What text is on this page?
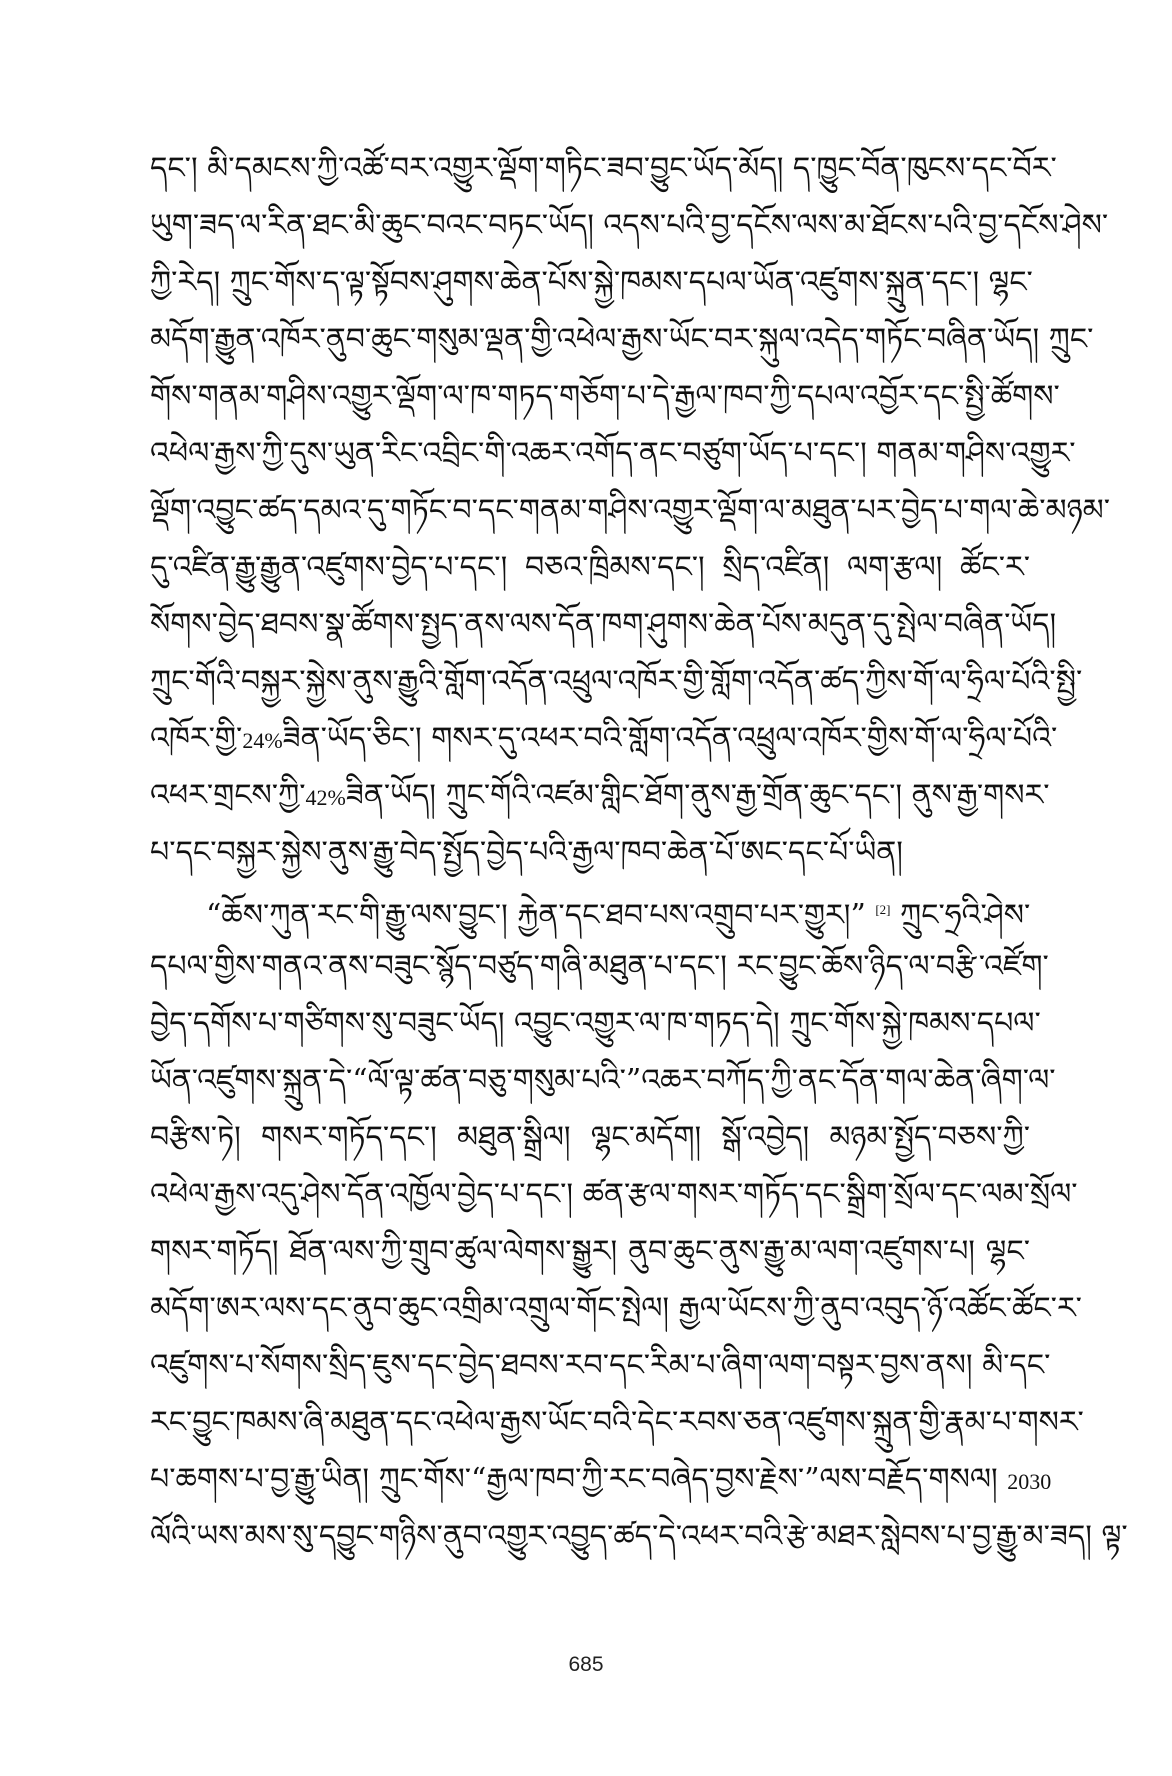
དང་། མི་དམངས་ཀྱི་འཚོ་བར་འགྱུར་ལྡོག་གཏིང་ཟབ་བྱུང་ཡོད་མོད། ད་ཁྱུང་བོན་ཁུངས་དང་བོར་
ཡུག་ཟད་ལ་རིན་ཐང་མི་ཆུང་བའང་བཏང་ཡོད། འདས་པའི་བྱ་དངོས་ལས་མ་ཐོངས་པའི་བྱ་དངོས་ཤེས་
ཀྱི་རེད། ཀྲུང་གོས་ད་ལྟ་སྟོབས་ཤུགས་ཆེན་པོས་སྐྱེ་ཁམས་དཔལ་ཡོན་འཛུགས་སྐྲུན་དང་། ལྷང་
མདོག་རྒྱུན་འཁོར་ནུབ་ཆུང་གསུམ་ལྡན་གྱི་འཕེལ་རྒྱས་ཡོང་བར་སྐུལ་འདེད་གཏོང་བཞིན་ཡོད། ཀྲུང་
གོས་གནམ་གཤིས་འགྱུར་ལྡོག་ལ་ཁ་གཏད་གཅོག་པ་དེ་རྒྱལ་ཁབ་ཀྱི་དཔལ་འབྱོར་དང་སྤྱི་ཚོགས་
འཕེལ་རྒྱས་ཀྱི་དུས་ཡུན་རིང་འབྲིང་གི་འཆར་འགོད་ནང་བཙུག་ཡོད་པ་དང་། གནམ་གཤིས་འགྱུར་
ལྡོག་འབྱུང་ཚད་དམའ་དུ་གཏོང་བ་དང་གནམ་གཤིས་འགྱུར་ལྡོག་ལ་མཐུན་པར་བྱེད་པ་གལ་ཆེ་མཉམ་
དུ་འཛིན་རྒྱུ་རྒྱུན་འཛུགས་བྱེད་པ་དང་། བཅའ་ཁྲིམས་དང་། སྲིད་འཛིན། ལག་རྩལ། ཚོང་ར་
སོགས་བྱེད་ཐབས་སྣ་ཚོགས་སྤྱད་ནས་ལས་དོན་ཁག་ཤུགས་ཆེན་པོས་མདུན་དུ་སྤེལ་བཞིན་ཡོད།
ཀྲུང་གོའི་བསྐྱར་སྐྱེས་ནུས་རྒྱུའི་གློག་འདོན་འཕྲུལ་འཁོར་གྱི་གློག་འདོན་ཚད་ཀྱིས་གོ་ལ་ཧྲིལ་པོའི་སྤྱི་
འཁོར་གྱི་24%ཟིན་ཡོད་ཅིང་། གསར་དུ་འཕར་བའི་གློག་འདོན་འཕྲུལ་འཁོར་གྱིས་གོ་ལ་ཧྲིལ་པོའི་
འཕར་གྲངས་ཀྱི་42%ཟིན་ཡོད། ཀྲུང་གོའི་འཛམ་གླིང་ཐོག་ནུས་རྒྱ་གྲོན་ཆུང་དང་། ནུས་རྒྱ་གསར་
པ་དང་བསྐྱར་སྐྱེས་ནུས་རྒྱུ་བེད་སྤྱོད་བྱེད་པའི་རྒྱལ་ཁབ་ཆེན་པོ་ཨང་དང་པོ་ཡིན།
“ཆོས་ཀུན་རང་གི་རྒྱུ་ལས་བྱུང་། རྐྱེན་དང་ཐབ་པས་འགྲུབ་པར་གྱུར།” [2] ཀྲུང་ཧྲའི་ཤེས་
དཔལ་གྱིས་གནའ་ནས་བཟུང་སྙོད་བཙུད་གཞི་མཐུན་པ་དང་། རང་བྱུང་ཆོས་ཉིད་ལ་བརྩི་འཛོག་
བྱེད་དགོས་པ་གཙིགས་སུ་བཟུང་ཡོད། འབྱུང་འགྱུར་ལ་ཁ་གཏད་དེ། ཀྲུང་གོས་སྐྱེ་ཁམས་དཔལ་
ཡོན་འཛུགས་སྐྲུན་དེ་“ལོ་ལྟ་ཚན་བཅུ་གསུམ་པའི་”འཆར་བཀོད་ཀྱི་ནང་དོན་གལ་ཆེན་ཞིག་ལ་
བརྩིས་ཏེ། གསར་གཏོད་དང་། མཐུན་སྒྲིལ། ལྷང་མདོག། སྒོ་འབྱེད། མཉམ་སྤྱོད་བཅས་ཀྱི་
འཕེལ་རྒྱས་འདུ་ཤེས་དོན་འཁྱོལ་བྱེད་པ་དང་། ཚན་རྩལ་གསར་གཏོད་དང་སྒྲིག་སྲོལ་དང་ལམ་སྲོལ་
གསར་གཏོད། ཐོན་ལས་ཀྱི་གྲུབ་ཚུལ་ལེགས་སྒྱུར། ནུབ་ཆུང་ནུས་རྒྱུ་མ་ལག་འཛུགས་པ། ལྷང་
མདོག་ཨར་ལས་དང་ནུབ་ཆུང་འགྲིམ་འགྲུལ་གོང་སྤེལ། རྒྱལ་ཡོངས་ཀྱི་ནུབ་འབུད་ཉོ་འཚོང་ཚོང་ར་
འཛུགས་པ་སོགས་སྲིད་ཇུས་དང་བྱེད་ཐབས་རབ་དང་རིམ་པ་ཞིག་ལག་བསྟར་བྱས་ནས། མི་དང་
རང་བྱུང་ཁམས་ཞི་མཐུན་དང་འཕེལ་རྒྱས་ཡོང་བའི་དེང་རབས་ཅན་འཛུགས་སྐྲུན་གྱི་རྣམ་པ་གསར་
པ་ཆགས་པ་བྱ་རྒྱུ་ཡིན། ཀྲུང་གོས་“རྒྱལ་ཁབ་ཀྱི་རང་བཞེད་བྱས་རྗེས་”ལས་བརྗོད་གསལ། 2030
ལོའི་ཡས་མས་སུ་དབྱུང་གཉིས་ནུབ་འགྱུར་འབྱུད་ཚད་དེ་འཕར་བའི་རྩེ་མཐར་སླེབས་པ་བྱ་རྒྱུ་མ་ཟད། ལྟ་
685
